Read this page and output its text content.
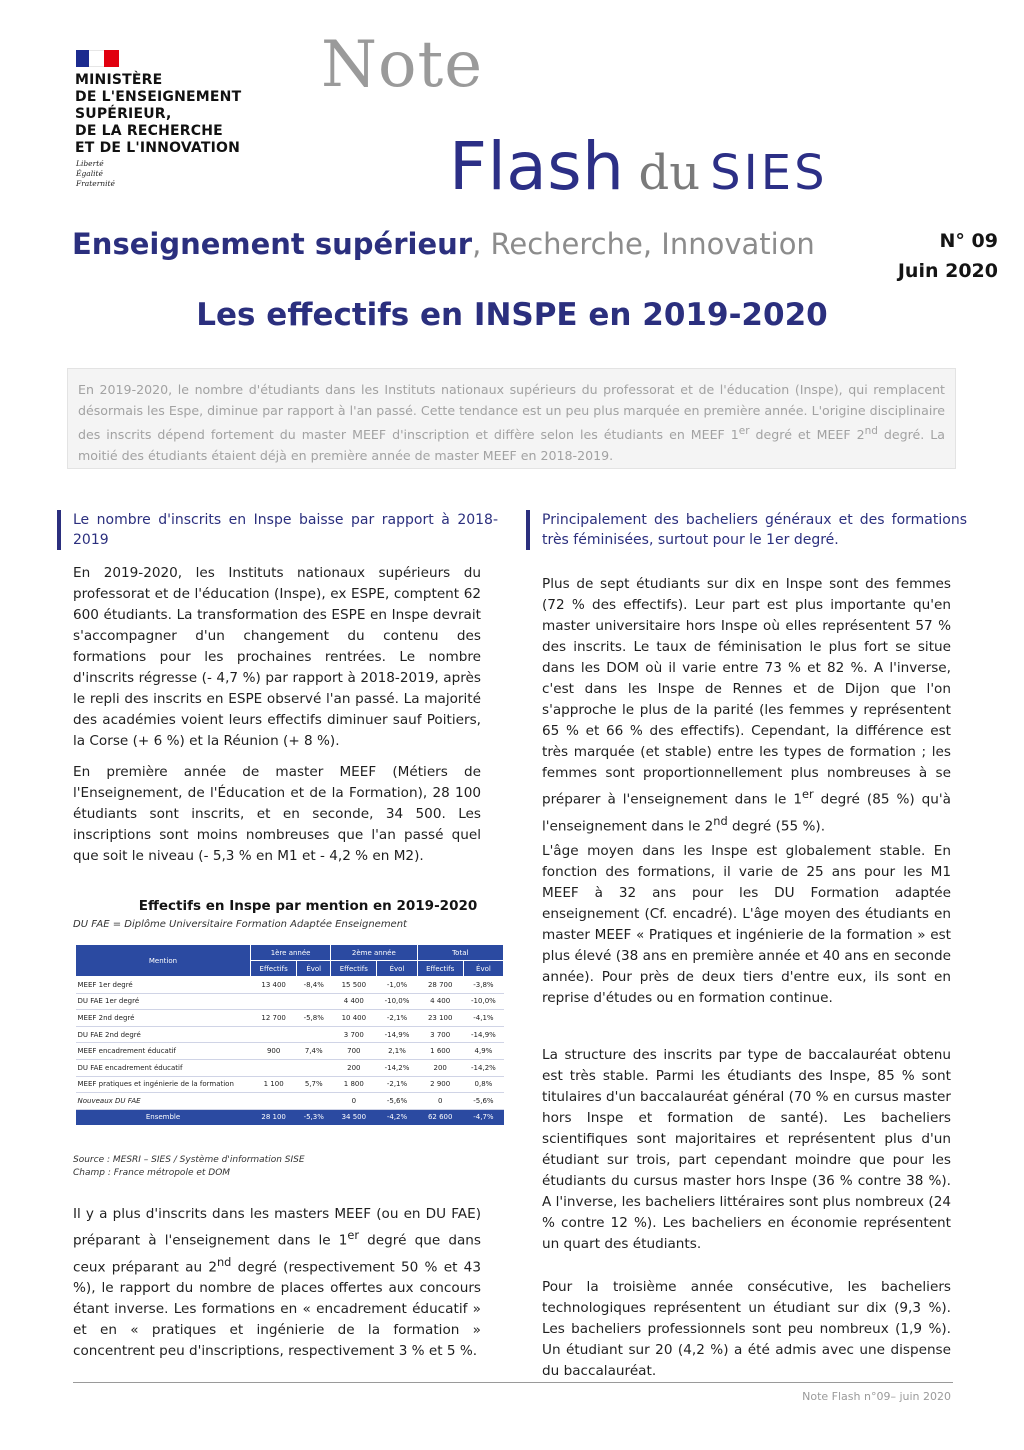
MINISTÈRE
DE L'ENSEIGNEMENT
SUPÉRIEUR,
DE LA RECHERCHE
ET DE L'INNOVATION
Liberté
Égalité
Fraternité
Note
Flash du SIES
Enseignement supérieur, Recherche, Innovation	N° 09
Juin 2020
Les effectifs en INSPE en 2019-2020
En 2019-2020, le nombre d'étudiants dans les Instituts nationaux supérieurs du professorat et de l'éducation (Inspe), qui remplacent désormais les Espe, diminue par rapport à l'an passé. Cette tendance est un peu plus marquée en première année. L'origine disciplinaire des inscrits dépend fortement du master MEEF d'inscription et diffère selon les étudiants en MEEF 1er degré et MEEF 2nd degré. La moitié des étudiants étaient déjà en première année de master MEEF en 2018-2019.
Le nombre d'inscrits en Inspe baisse par rapport à 2018-2019

En 2019-2020, les Instituts nationaux supérieurs du professorat et de l'éducation (Inspe), ex ESPE, comptent 62 600 étudiants. La transformation des ESPE en Inspe devrait s'accompagner d'un changement du contenu des formations pour les prochaines rentrées. Le nombre d'inscrits régresse (- 4,7 %) par rapport à 2018-2019, après le repli des inscrits en ESPE observé l'an passé. La majorité des académies voient leurs effectifs diminuer sauf Poitiers, la Corse (+ 6 %) et la Réunion (+ 8 %).

En première année de master MEEF (Métiers de l'Enseignement, de l'Éducation et de la Formation), 28 100 étudiants sont inscrits, et en seconde, 34 500. Les inscriptions sont moins nombreuses que l'an passé quel que soit le niveau (- 5,3 % en M1 et - 4,2 % en M2).

Effectifs en Inspe par mention en 2019-2020
DU FAE = Diplôme Universitaire Formation Adaptée Enseignement
Mention	1ère année		2ème année		Total	
	Effectifs	Évol	Effectifs	Évol	Effectifs	Évol
MEEF 1er degré	13 400	-8,4%	15 500	-1,0%	28 700	-3,8%
DU FAE 1er degré			4 400	-10,0%	4 400	-10,0%
MEEF 2nd degré	12 700	-5,8%	10 400	-2,1%	23 100	-4,1%
DU FAE 2nd degré			3 700	-14,9%	3 700	-14,9%
MEEF encadrement éducatif	900	7,4%	700	2,1%	1 600	4,9%
DU FAE encadrement éducatif			200	-14,2%	200	-14,2%
MEEF pratiques et ingénierie de la formation	1 100	5,7%	1 800	-2,1%	2 900	0,8%
Nouveaux DU FAE			0	-5,6%	0	-5,6%
Ensemble	28 100	-5,3%	34 500	-4,2%	62 600	-4,7%
Source : MESRI – SIES / Système d'information SISE
Champ : France métropole et DOM
Il y a plus d'inscrits dans les masters MEEF (ou en DU FAE) préparant à l'enseignement dans le 1er degré que dans ceux préparant au 2nd degré (respectivement 50 % et 43 %), le rapport du nombre de places offertes aux concours étant inverse. Les formations en « encadrement éducatif » et en « pratiques et ingénierie de la formation » concentrent peu d'inscriptions, respectivement 3 % et 5 %.
Principalement des bacheliers généraux et des formations très féminisées, surtout pour le 1er degré.
Plus de sept étudiants sur dix en Inspe sont des femmes (72 % des effectifs). Leur part est plus importante qu'en master universitaire hors Inspe où elles représentent 57 % des inscrits. Le taux de féminisation le plus fort se situe dans les DOM où il varie entre 73 % et 82 %. A l'inverse, c'est dans les Inspe de Rennes et de Dijon que l'on s'approche le plus de la parité (les femmes y représentent 65 % et 66 % des effectifs). Cependant, la différence est très marquée (et stable) entre les types de formation ; les femmes sont proportionnellement plus nombreuses à se préparer à l'enseignement dans le 1er degré (85 %) qu'à l'enseignement dans le 2nd degré (55 %).

L'âge moyen dans les Inspe est globalement stable. En fonction des formations, il varie de 25 ans pour les M1 MEEF à 32 ans pour les DU Formation adaptée enseignement (Cf. encadré). L'âge moyen des étudiants en master MEEF « Pratiques et ingénierie de la formation » est plus élevé (38 ans en première année et 40 ans en seconde année). Pour près de deux tiers d'entre eux, ils sont en reprise d'études ou en formation continue.

La structure des inscrits par type de baccalauréat obtenu est très stable. Parmi les étudiants des Inspe, 85 % sont titulaires d'un baccalauréat général (70 % en cursus master hors Inspe et formation de santé). Les bacheliers scientifiques sont majoritaires et représentent plus d'un étudiant sur trois, part cependant moindre que pour les étudiants du cursus master hors Inspe (36 % contre 38 %). A l'inverse, les bacheliers littéraires sont plus nombreux (24 % contre 12 %). Les bacheliers en économie représentent un quart des étudiants.

Pour la troisième année consécutive, les bacheliers technologiques représentent un étudiant sur dix (9,3 %). Les bacheliers professionnels sont peu nombreux (1,9 %). Un étudiant sur 20 (4,2 %) a été admis avec une dispense du baccalauréat.

Note Flash n°09– juin 2020
